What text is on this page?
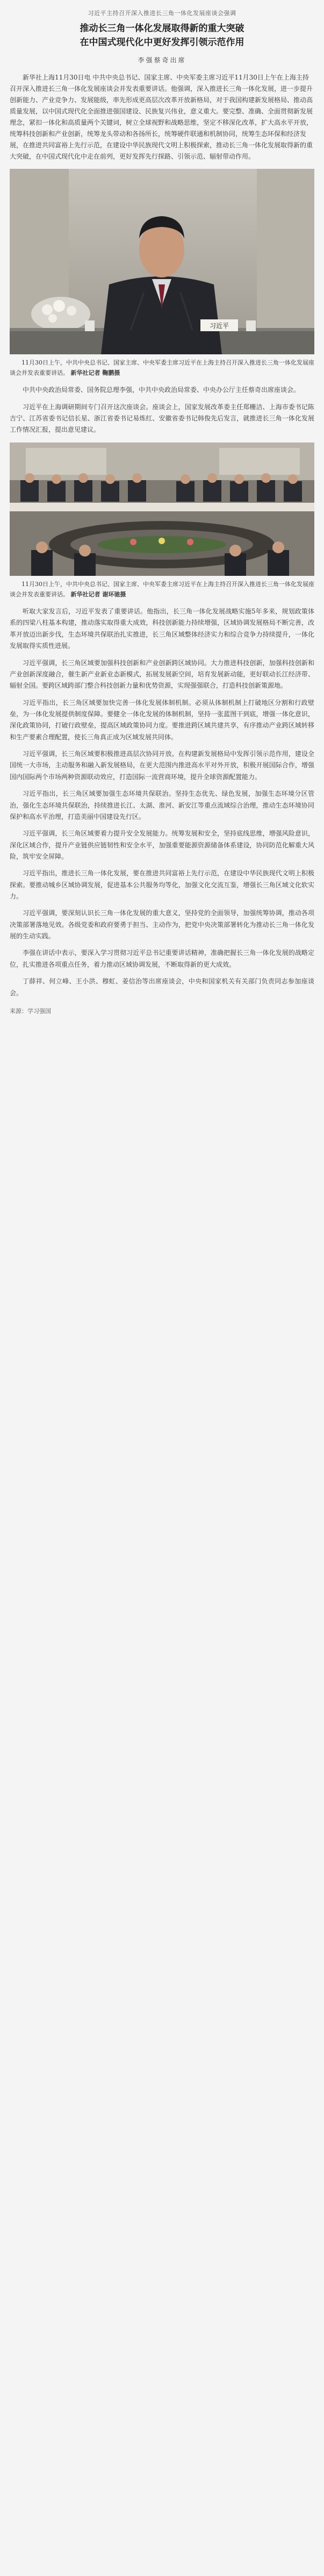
习近平主持召开深入推进长三角一体化发展座谈会强调

推动长三角一体化发展取得新的重大突破

在中国式现代化中更好发挥引领示范作用

李强蔡奇出席

新华社上海11月30日电 中共中央总书记、国家主席、中央军委主席习近平11月30日上午在上海主持召开深入推进长三角一体化发展座谈会并发表重要讲话。他强调，深入推进长三角一体化发展，进一步提升创新能力、产业竞争力、发展能级，率先形成更高层次改革开放新格局，对于我国构建新发展格局、推动高质量发展，以中国式现代化全面推进强国建设、民族复兴伟业，意义重大。要完整、准确、全面贯彻新发展理念，紧扣一体化和高质量两个关键词，树立全球视野和战略思维，坚定不移深化改革，扩大高水平开放，统筹科技创新和产业创新，统筹龙头带动和各扬所长，统筹硬件联通和机制协同，统筹生态环保和经济发展，在推进共同富裕上先行示范，在建设中华民族现代文明上积极探索，推动长三角一体化发展取得新的重大突破，在中国式现代化中走在前列，更好发挥先行探路、引领示范、辐射带动作用。

习近平

11月30日上午，中共中央总书记、国家主席、中央军委主席习近平在上海主持召开深入推进长三角一体化发展座谈会并发表重要讲话。 新华社记者 鞠鹏摄

中共中央政治局常委、国务院总理李强，中共中央政治局常委、中央办公厅主任蔡奇出席座谈会。

习近平在上海调研期间专门召开这次座谈会。座谈会上，国家发展改革委主任郑栅洁、上海市委书记陈吉宁、江苏省委书记信长星、浙江省委书记易炼红、安徽省委书记韩俊先后发言，就推进长三角一体化发展工作情况汇报，提出意见建议。

11月30日上午，中共中央总书记、国家主席、中央军委主席习近平在上海主持召开深入推进长三角一体化发展座谈会并发表重要讲话。 新华社记者 谢环驰摄

听取大家发言后，习近平发表了重要讲话。他指出，长三角一体化发展战略实施5年多来，规划政策体系的四梁八柱基本构建，推动落实取得重大成效，科技创新能力持续增强，区域协调发展格局不断完善，改革开放迈出新步伐，生态环境共保联治扎实推进，长三角区域整体经济实力和综合竞争力持续提升，一体化发展取得实质性进展。

习近平强调，长三角区域要加强科技创新和产业创新跨区域协同。大力推进科技创新，加强科技创新和产业创新深度融合，催生新产业新业态新模式，拓展发展新空间，培育发展新动能，更好联动长江经济带、辐射全国。要跨区域跨部门整合科技创新力量和优势资源，实现强强联合，打造科技创新策源地。

习近平指出，长三角区域要加快完善一体化发展体制机制。必须从体制机制上打破地区分割和行政壁垒，为一体化发展提供制度保障。要健全一体化发展的体制机制，坚持一张蓝图干到底，增强一体化意识，深化政策协同，打破行政壁垒，提高区域政策协同力度。要推进跨区域共建共享，有序推动产业跨区域转移和生产要素合理配置，使长三角真正成为区域发展共同体。

习近平强调，长三角区域要积极推进高层次协同开放。在构建新发展格局中发挥引领示范作用，建设全国统一大市场，主动服务和融入新发展格局，在更大范围内推进高水平对外开放，积极开展国际合作，增强国内国际两个市场两种资源联动效应，打造国际一流营商环境，提升全球资源配置能力。

习近平指出，长三角区域要加强生态环境共保联治。坚持生态优先、绿色发展，加强生态环境分区管治，强化生态环境共保联治，持续推进长江、太湖、淮河、新安江等重点流域综合治理，推动生态环境协同保护和高水平治理，打造美丽中国建设先行区。

习近平强调，长三角区域要着力提升安全发展能力。统筹发展和安全，坚持底线思维，增强风险意识，深化区域合作，提升产业链供应链韧性和安全水平，加强重要能源资源储备体系建设，协同防范化解重大风险，筑牢安全屏障。

习近平指出，推进长三角一体化发展，要在推进共同富裕上先行示范，在建设中华民族现代文明上积极探索。要推动城乡区域协调发展，促进基本公共服务均等化，加强文化交流互鉴，增强长三角区域文化软实力。

习近平强调，要深刻认识长三角一体化发展的重大意义，坚持党的全面领导，加强统筹协调，推动各项决策部署落地见效。各级党委和政府要勇于担当、主动作为，把党中央决策部署转化为推动长三角一体化发展的生动实践。

李强在讲话中表示，要深入学习贯彻习近平总书记重要讲话精神，准确把握长三角一体化发展的战略定位，扎实推进各项重点任务，着力推动区域协调发展，不断取得新的更大成效。

丁薛祥、何立峰、王小洪、穆虹、姜信治等出席座谈会，中央和国家机关有关部门负责同志参加座谈会。

来源：学习强国
